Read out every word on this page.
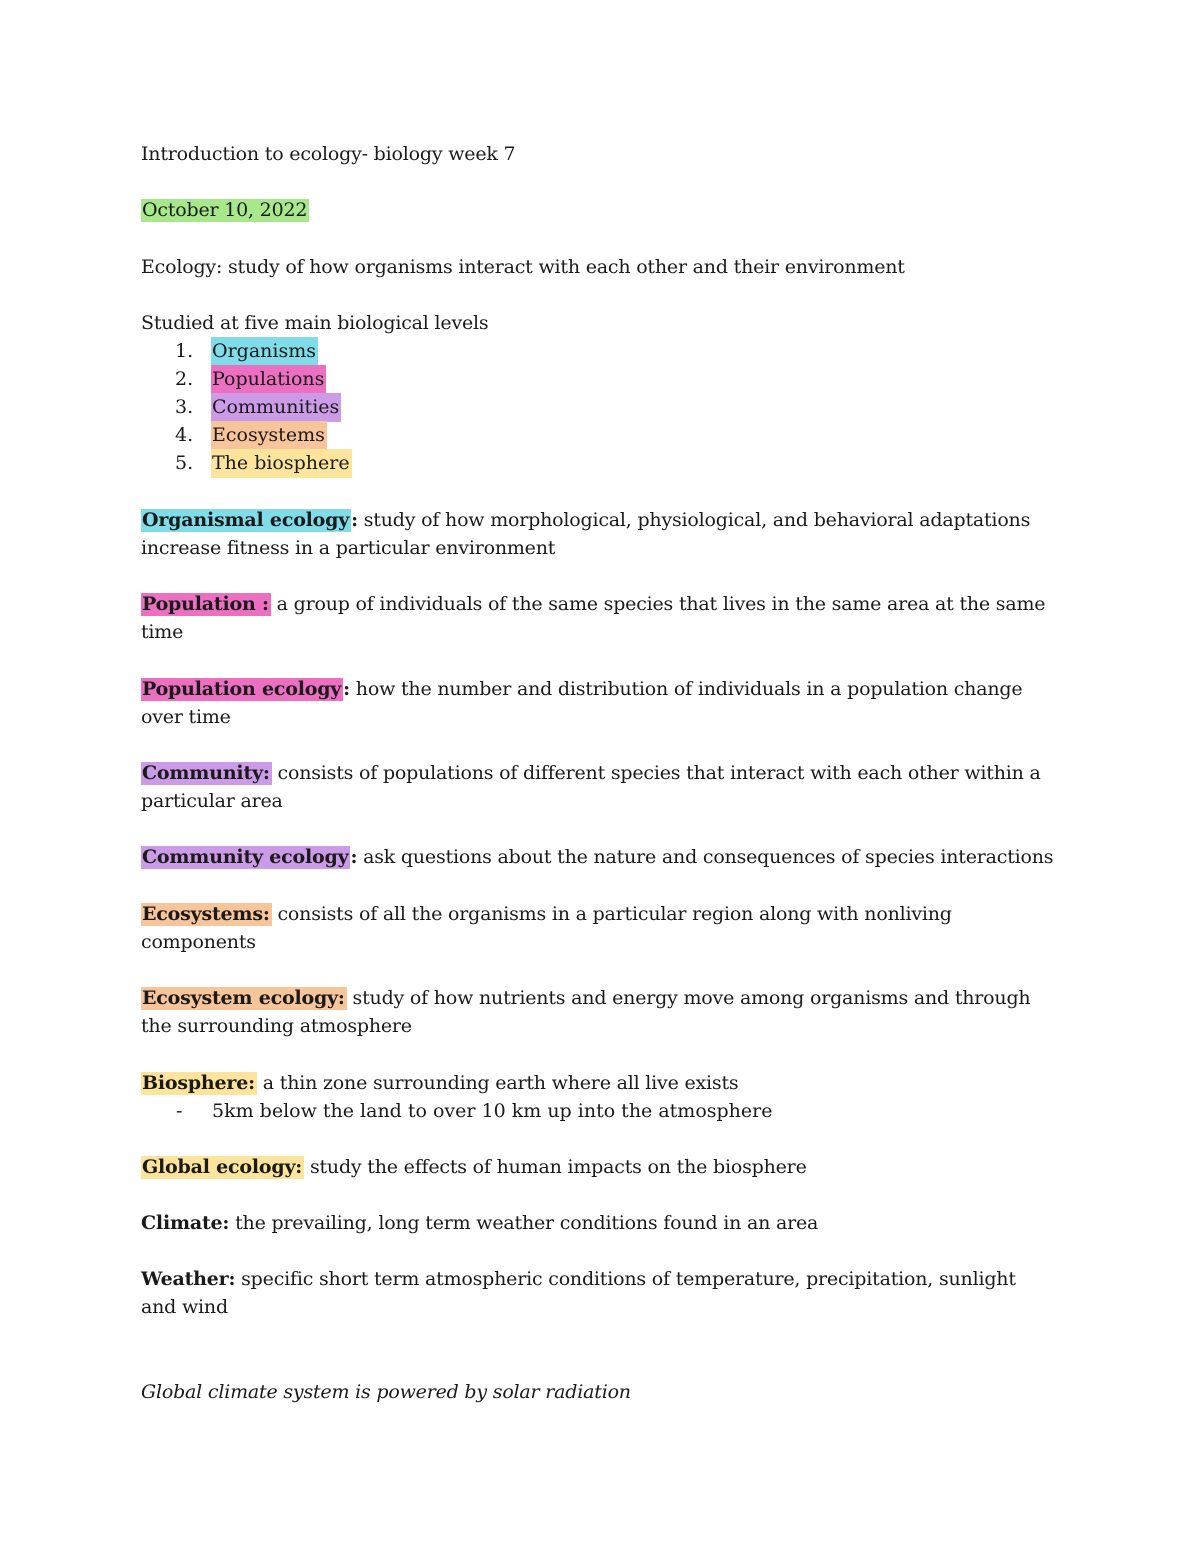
Introduction to ecology- biology week 7
October 10, 2022
Ecology: study of how organisms interact with each other and their environment
Studied at five main biological levels
1. Organisms
2. Populations
3. Communities
4. Ecosystems
5. The biosphere
Organismal ecology : study of how morphological, physiological, and behavioral adaptations
increase fitness in a particular environment
Population : a group of individuals of the same species that lives in the same area at the same
time
Population ecology : how the number and distribution of individuals in a population change
over time
Community: consists of populations of different species that interact with each other within a
particular area
Community ecology : ask questions about the nature and consequences of species interactions
Ecosystems: consists of all the organisms in a particular region along with nonliving
components
Ecosystem ecology: study of how nutrients and energy move among organisms and through
the surrounding atmosphere
Biosphere: a thin zone surrounding earth where all live exists
- 5km below the land to over 10 km up into the atmosphere
Global ecology: study the effects of human impacts on the biosphere
Climate: the prevailing, long term weather conditions found in an area
Weather: specific short term atmospheric conditions of temperature, precipitation, sunlight
and wind
Global climate system is powered by solar radiation
